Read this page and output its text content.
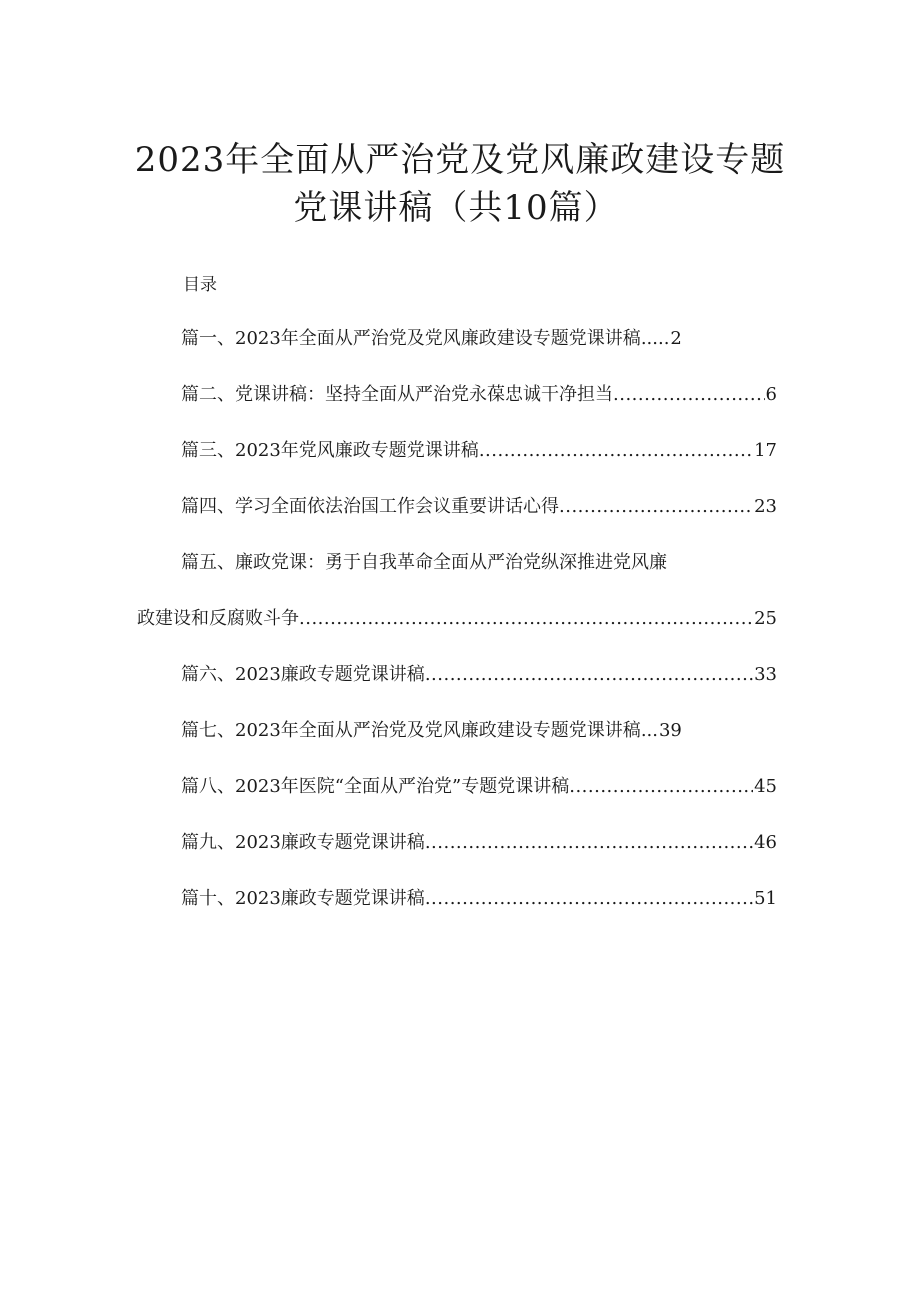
2023年全面从严治党及党风廉政建设专题
党课讲稿（共10篇）
目录
篇一、2023年全面从严治党及党风廉政建设专题党课讲稿 ..... 2
篇二、党课讲稿：坚持全面从严治党永葆忠诚干净担当 .....	6
篇三、2023年党风廉政专题党课讲稿 .....	17
篇四、学习全面依法治国工作会议重要讲话心得 .....	23
篇五、廉政党课：勇于自我革命全面从严治党纵深推进党风廉
政建设和反腐败斗争 .....	25
篇六、2023廉政专题党课讲稿 .....	33
篇七、2023年全面从严治党及党风廉政建设专题党课讲稿 ... 39
篇八、2023年医院“全面从严治党”专题党课讲稿 .....	45
篇九、2023廉政专题党课讲稿 .....	46
篇十、2023廉政专题党课讲稿 .....	51
